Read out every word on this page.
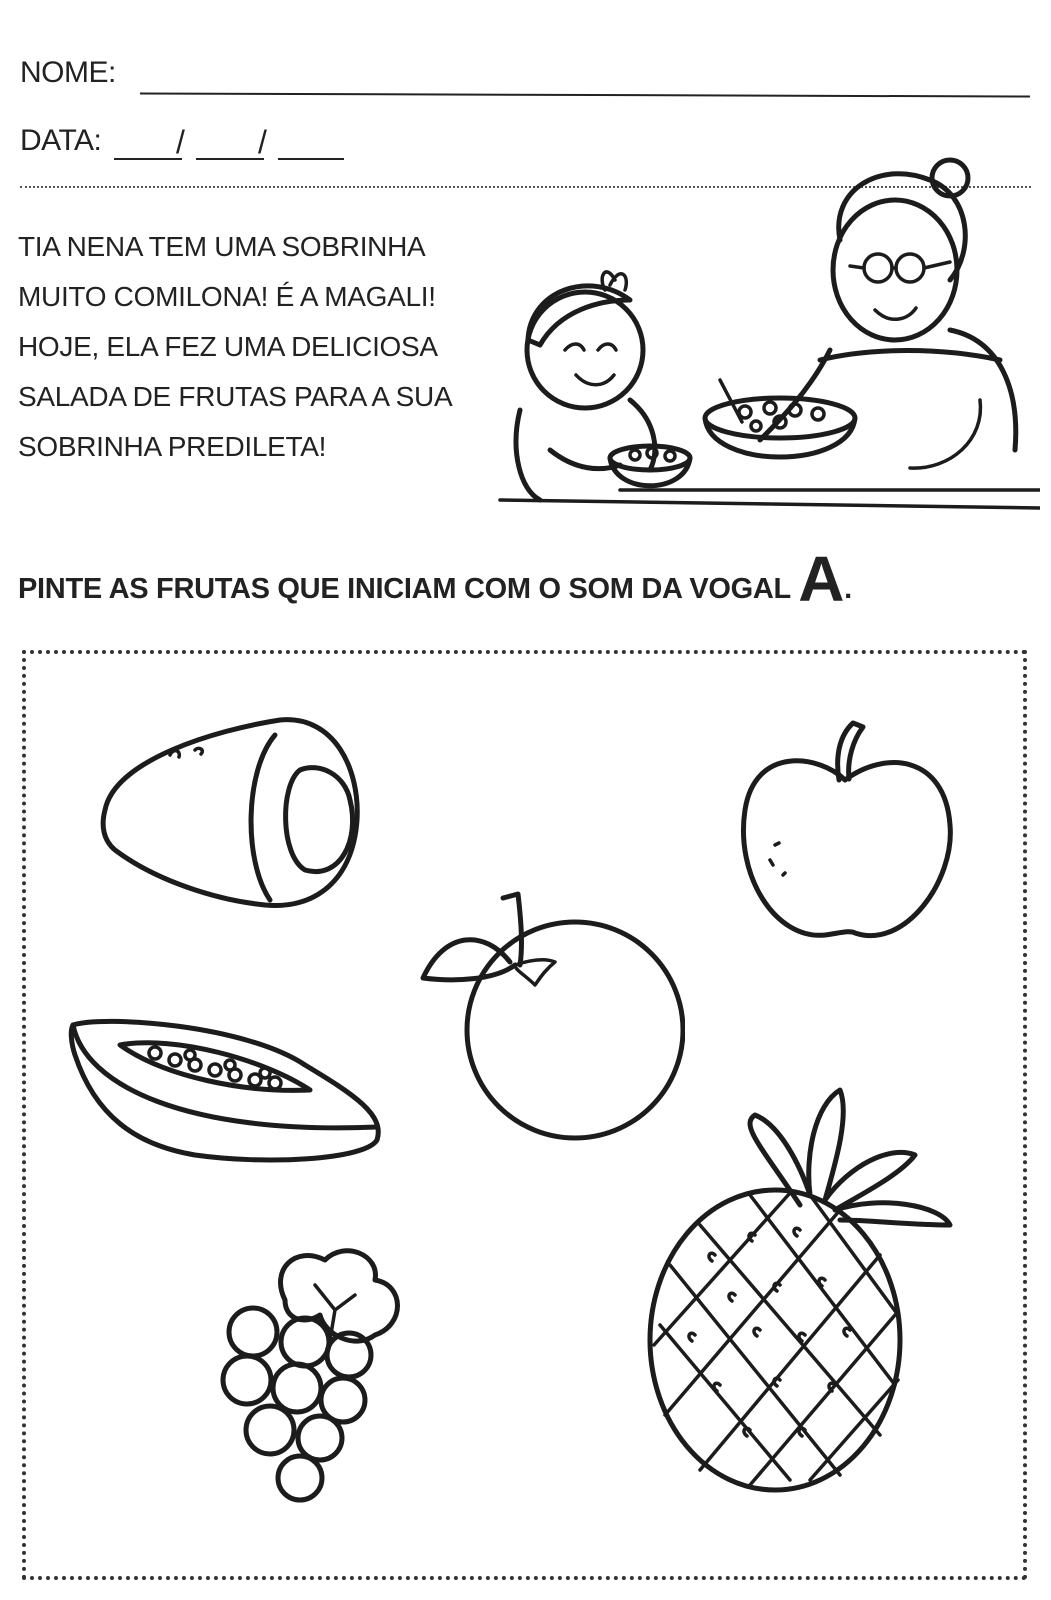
NOME:
DATA: / /
TIA NENA TEM UMA SOBRINHA
MUITO COMILONA! É A MAGALI!
HOJE, ELA FEZ UMA DELICIOSA
SALADA DE FRUTAS PARA A SUA
SOBRINHA PREDILETA!
PINTE AS FRUTAS QUE INICIAM COM O SOM DA VOGAL A.
